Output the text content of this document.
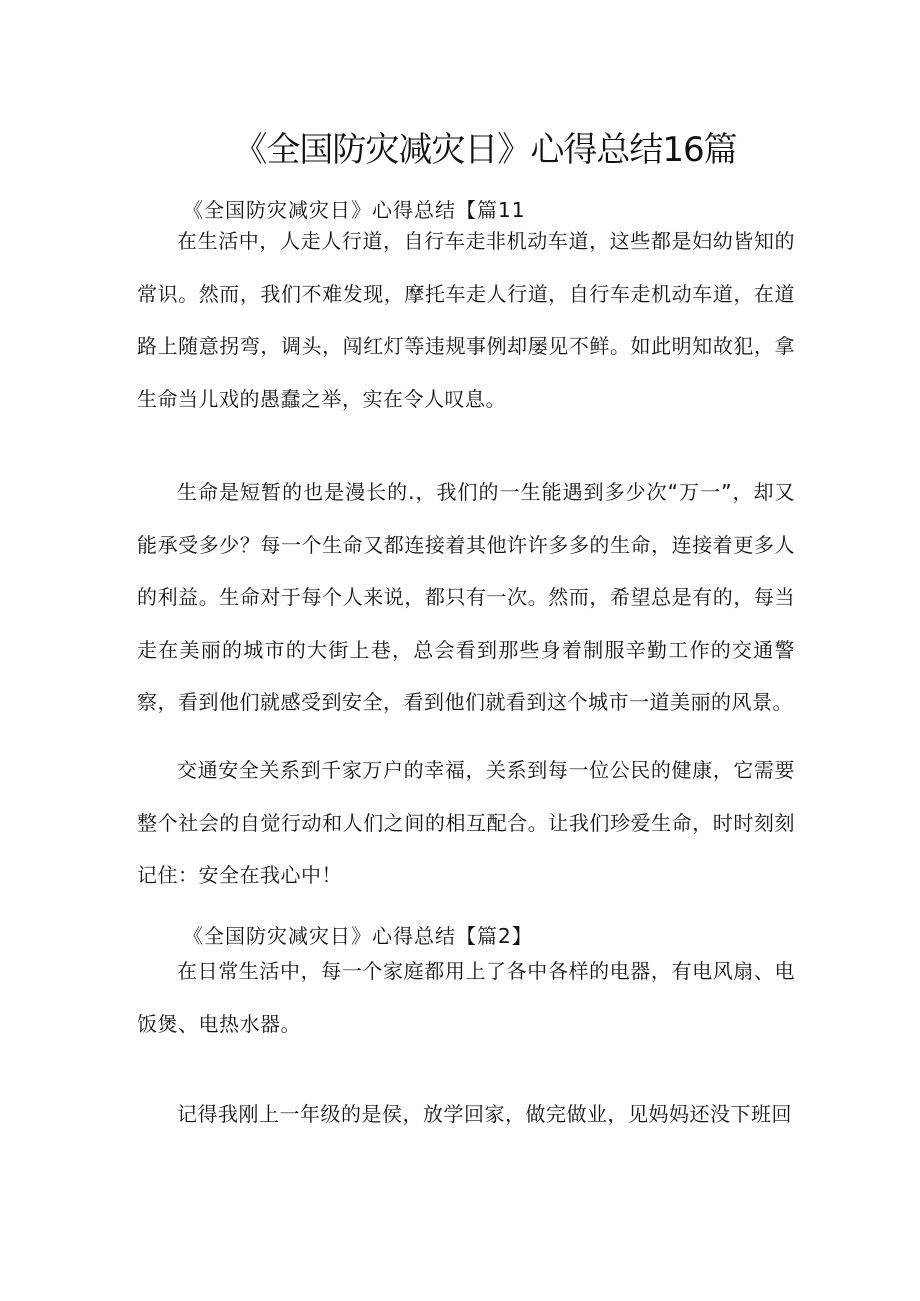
《全国防灾减灾日》心得总结16篇
《全国防灾减灾日》心得总结【篇11
在生活中，人走人行道，自行车走非机动车道，这些都是妇幼皆知的常识。然而，我们不难发现，摩托车走人行道，自行车走机动车道，在道路上随意拐弯，调头，闯红灯等违规事例却屡见不鲜。如此明知故犯，拿生命当儿戏的愚蠢之举，实在令人叹息。
生命是短暂的也是漫长的.，我们的一生能遇到多少次“万一”，却又能承受多少？每一个生命又都连接着其他许许多多的生命，连接着更多人的利益。生命对于每个人来说，都只有一次。然而，希望总是有的，每当走在美丽的城市的大街上巷，总会看到那些身着制服辛勤工作的交通警察，看到他们就感受到安全，看到他们就看到这个城市一道美丽的风景。
交通安全关系到千家万户的幸福，关系到每一位公民的健康，它需要整个社会的自觉行动和人们之间的相互配合。让我们珍爱生命，时时刻刻记住：安全在我心中！
《全国防灾减灾日》心得总结【篇2】
在日常生活中，每一个家庭都用上了各中各样的电器，有电风扇、电饭煲、电热水器。
记得我刚上一年级的是侯，放学回家，做完做业，见妈妈还没下班回
